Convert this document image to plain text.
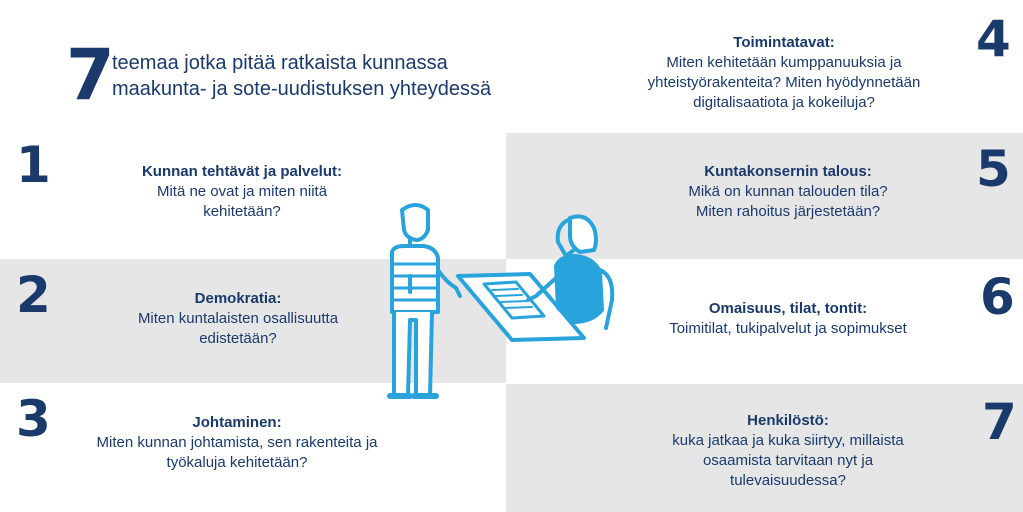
7
teemaa jotka pitää ratkaista kunnassa
maakunta- ja sote-uudistuksen yhteydessä
1	Kunnan tehtävät ja palvelut:
Mitä ne ovat ja miten niitä kehitetään?
2	Demokratia:
Miten kuntalaisten osallisuutta edistetään?
3	Johtaminen:
Miten kunnan johtamista, sen rakenteita ja työkaluja kehitetään?
4
Toimintatavat:
Miten kehitetään kumppanuuksia ja yhteistyörakenteita? Miten hyödynnetään digitalisaatiota ja kokeiluja?
5
Kuntakonsernin talous:
Mikä on kunnan talouden tila? Miten rahoitus järjestetään?
6
Omaisuus, tilat, tontit:
Toimitilat, tukipalvelut ja sopimukset
7
Henkilöstö:
kuka jatkaa ja kuka siirtyy, millaista osaamista tarvitaan nyt ja tulevaisuudessa?
